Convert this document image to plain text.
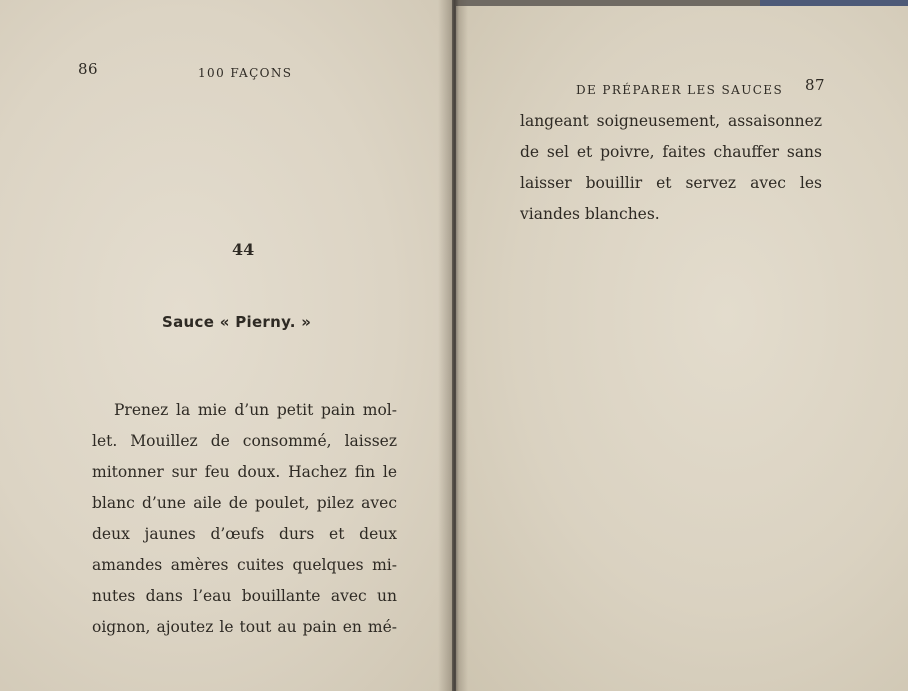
86	100 FAÇONS
44
Sauce « Pierny. »
Prenez la mie d’un petit pain mol-
let. Mouillez de consommé, laissez
mitonner sur feu doux. Hachez fin le
blanc d’une aile de poulet, pilez avec
deux jaunes d’œufs durs et deux
amandes amères cuites quelques mi-
nutes dans l’eau bouillante avec un
oignon, ajoutez le tout au pain en mé-
DE PRÉPARER LES SAUCES 87
langeant soigneusement, assaisonnez
de sel et poivre, faites chauffer sans
laisser bouillir et servez avec les
viandes blanches.
